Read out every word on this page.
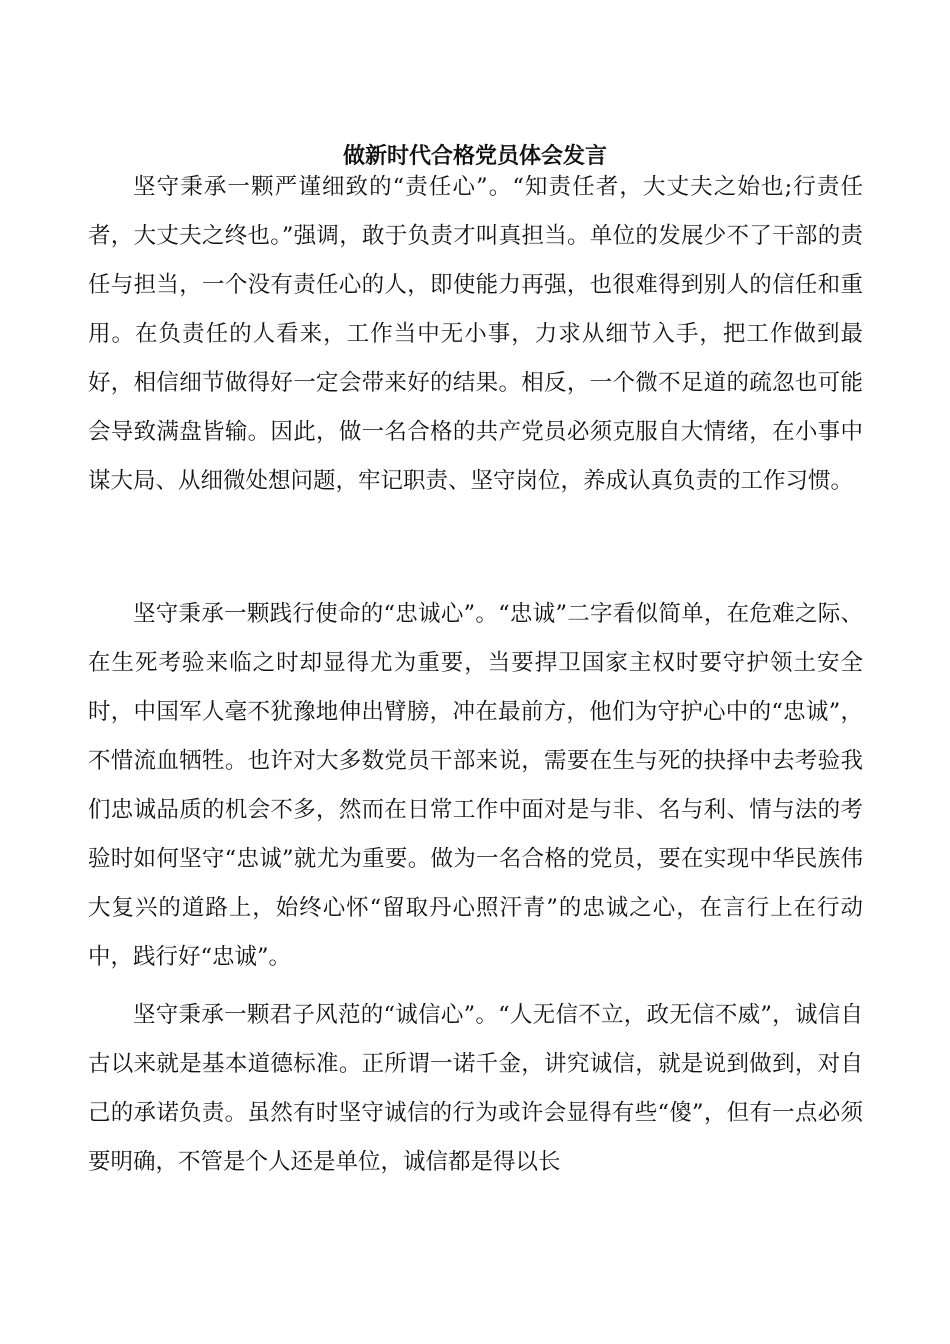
做新时代合格党员体会发言

坚守秉承一颗严谨细致的“责任心”。“知责任者，大丈夫之始也;行责任者，大丈夫之终也。”强调，敢于负责才叫真担当。单位的发展少不了干部的责任与担当，一个没有责任心的人，即使能力再强，也很难得到别人的信任和重用。在负责任的人看来，工作当中无小事，力求从细节入手，把工作做到最好，相信细节做得好一定会带来好的结果。相反，一个微不足道的疏忽也可能会导致满盘皆输。因此，做一名合格的共产党员必须克服自大情绪，在小事中谋大局、从细微处想问题，牢记职责、坚守岗位，养成认真负责的工作习惯。

坚守秉承一颗践行使命的“忠诚心”。“忠诚”二字看似简单，在危难之际、在生死考验来临之时却显得尤为重要，当要捍卫国家主权时要守护领土安全时，中国军人毫不犹豫地伸出臂膀，冲在最前方，他们为守护心中的“忠诚”，不惜流血牺牲。也许对大多数党员干部来说，需要在生与死的抉择中去考验我们忠诚品质的机会不多，然而在日常工作中面对是与非、名与利、情与法的考验时如何坚守“忠诚”就尤为重要。做为一名合格的党员，要在实现中华民族伟大复兴的道路上，始终心怀“留取丹心照汗青”的忠诚之心，在言行上在行动中，践行好“忠诚”。

坚守秉承一颗君子风范的“诚信心”。“人无信不立，政无信不威”，诚信自古以来就是基本道德标准。正所谓一诺千金，讲究诚信，就是说到做到，对自己的承诺负责。虽然有时坚守诚信的行为或许会显得有些“傻”，但有一点必须要明确，不管是个人还是单位，诚信都是得以长
